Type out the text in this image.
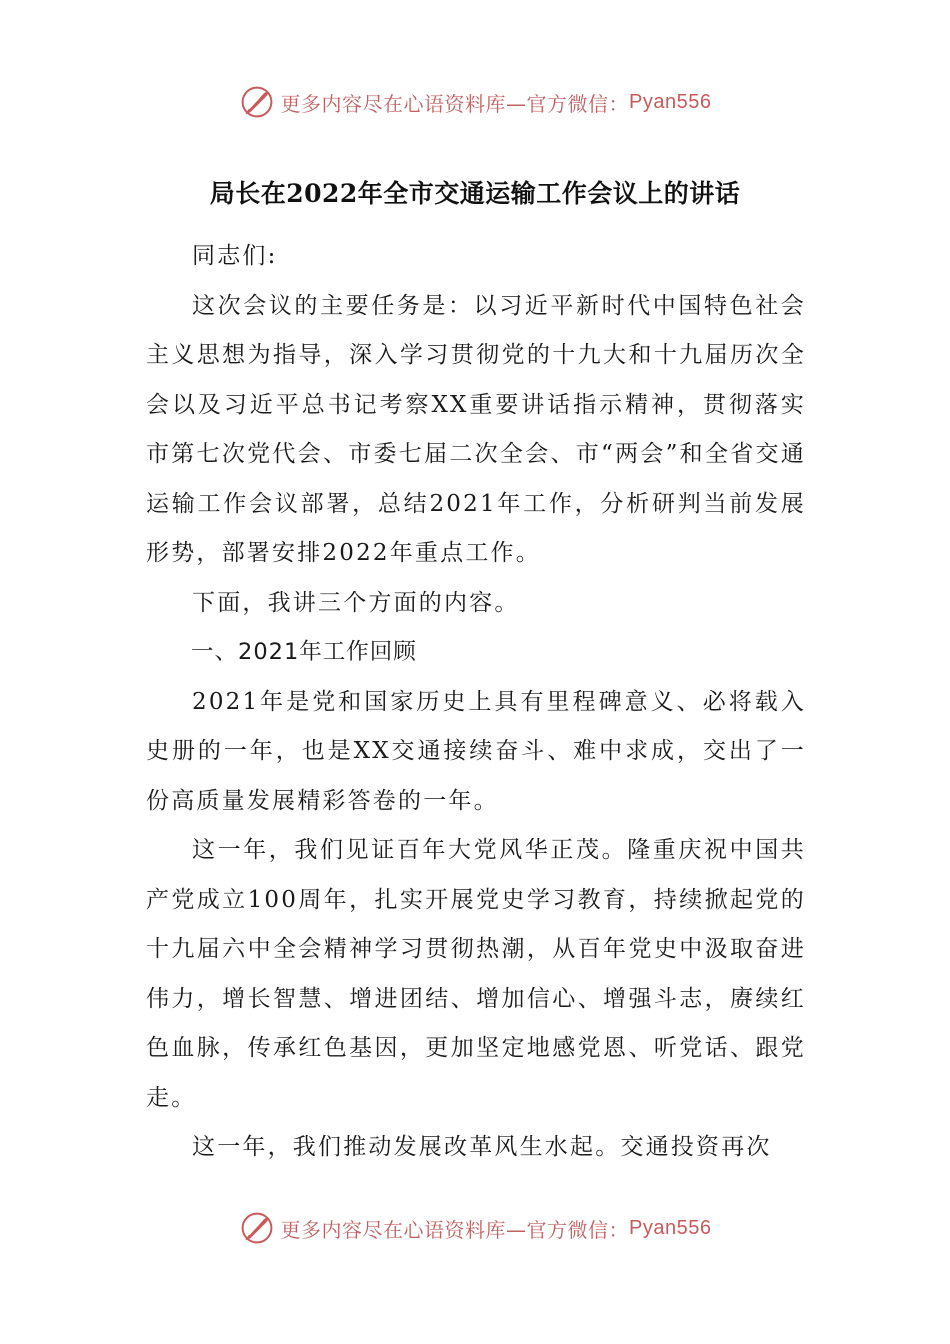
更多内容尽在心语资料库—官方微信： Pyan556
局长在2022年全市交通运输工作会议上的讲话

同志们:

这次会议的主要任务是：以习近平新时代中国特色社会主义思想为指导，深入学习贯彻党的十九大和十九届历次全会以及习近平总书记考察XX重要讲话指示精神，贯彻落实市第七次党代会、市委七届二次全会、市“两会”和全省交通运输工作会议部署，总结2021年工作，分析研判当前发展形势，部署安排2022年重点工作。

下面，我讲三个方面的内容。

一、2021年工作回顾

2021年是党和国家历史上具有里程碑意义、必将载入史册的一年，也是XX交通接续奋斗、难中求成，交出了一份高质量发展精彩答卷的一年。

这一年，我们见证百年大党风华正茂。隆重庆祝中国共产党成立100周年，扎实开展党史学习教育，持续掀起党的十九届六中全会精神学习贯彻热潮，从百年党史中汲取奋进伟力，增长智慧、增进团结、增加信心、增强斗志，赓续红色血脉，传承红色基因，更加坚定地感党恩、听党话、跟党走。

这一年，我们推动发展改革风生水起。交通投资再次

更多内容尽在心语资料库—官方微信： Pyan556
